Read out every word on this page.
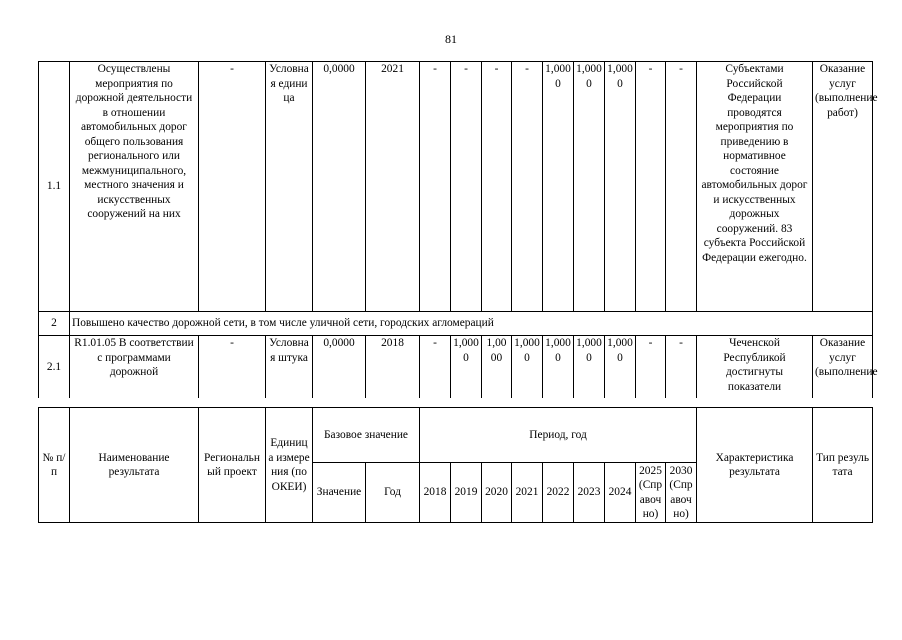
81
1.1	Осуществлены мероприятия по дорожной деятельности в отношении автомобильных дорог общего пользования регионального или межмуниципального, местного значения и искусственных сооружений на них	-	Условная единица	0,0000	2021	-	-	-	-	1,0000	1,0000	1,0000	-	-	Субъектами Российской Федерации проводятся мероприятия по приведению в нормативное состояние автомобильных дорог и искусственных дорожных сооружений. 83 субъекта Российской Федерации ежегодно.	Оказание услуг (выполнение работ)
2	Повышено качество дорожной сети, в том числе уличной сети, городских агломераций															
2.1	R1.01.05 В соответствии с программами дорожной	-	Условная штука	0,0000	2018	-	1,0000	1,0000	1,0000	1,0000	1,0000	1,0000	-	-	Чеченской Республикой достигнуты показатели	Оказание услуг (выполнение
№ п/п	Наименование результата	Региональный проект	Единица измерения (по ОКЕИ)	Базовое значение		Период, год									Характеристика результата	Тип результата
				Значение	Год	2018	2019	2020	2021	2022	2023	2024	2025 (Справочно)	2030 (Справочно)		
